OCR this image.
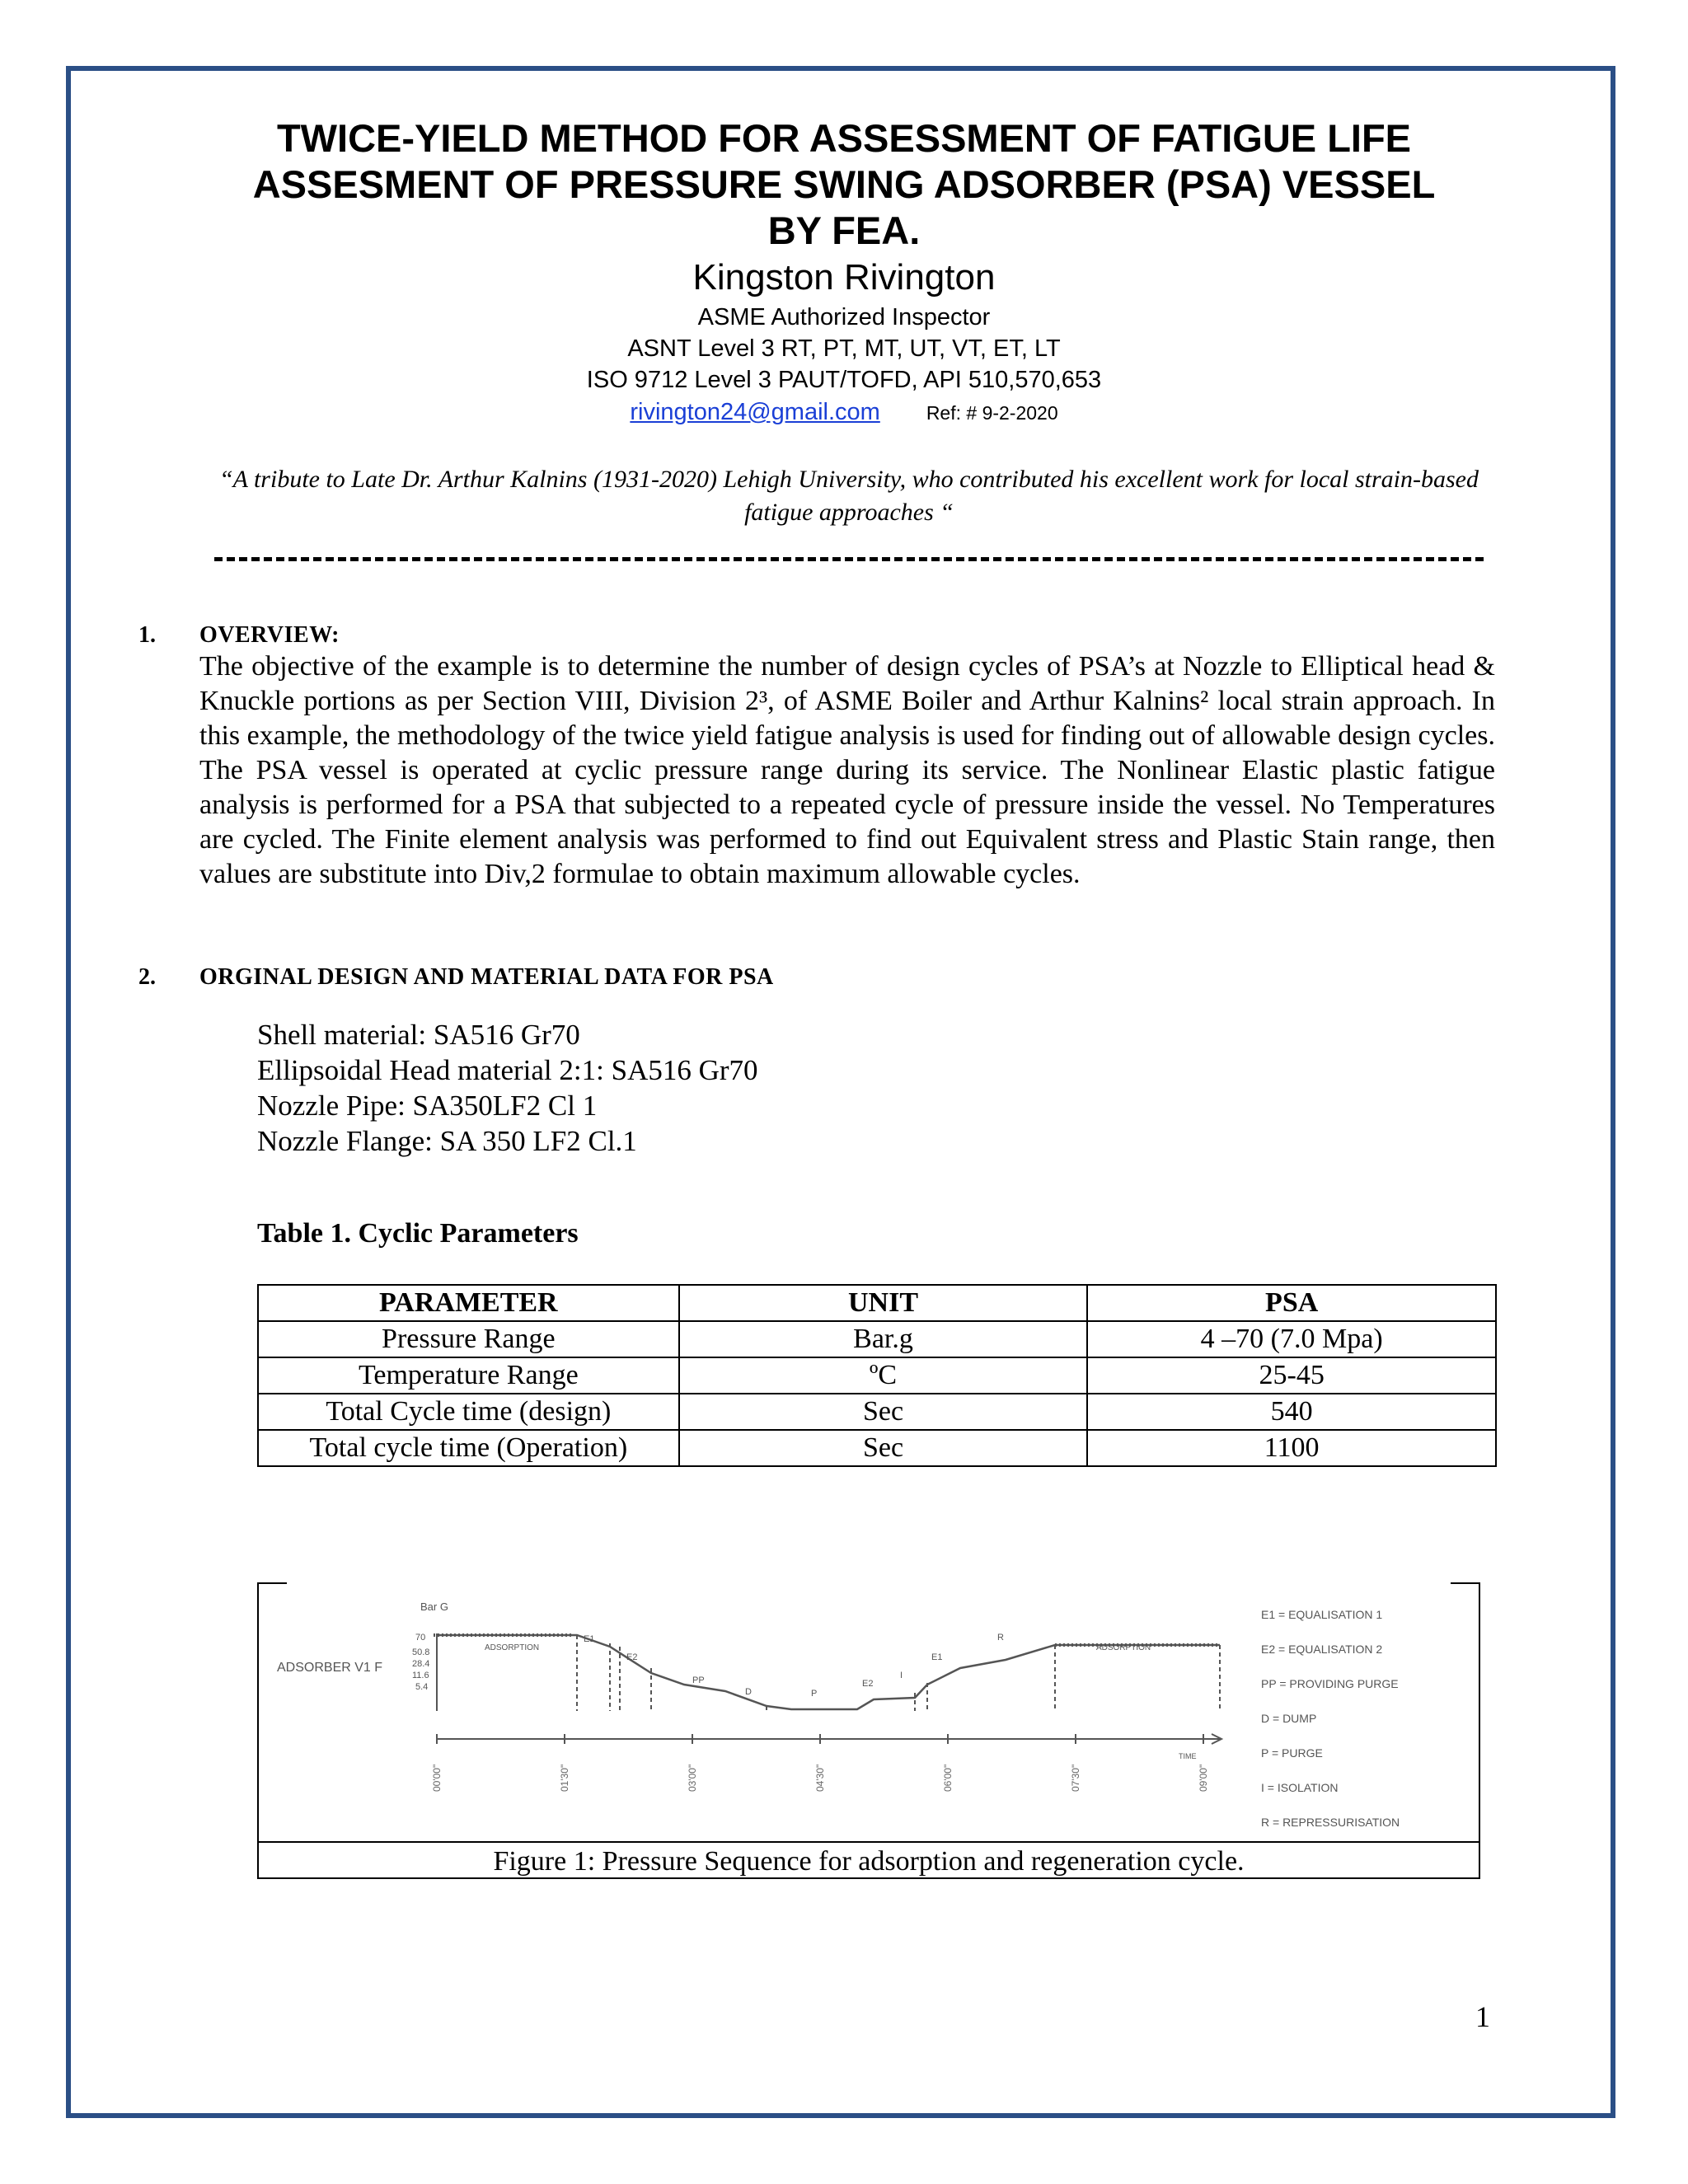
TWICE-YIELD METHOD FOR ASSESSMENT OF FATIGUE LIFE
ASSESMENT OF PRESSURE SWING ADSORBER (PSA) VESSEL
BY FEA.
Kingston Rivington
ASME Authorized Inspector
ASNT Level 3 RT, PT, MT, UT, VT, ET, LT
ISO 9712 Level 3 PAUT/TOFD, API 510,570,653
rivington24@gmail.com Ref: # 9-2-2020
“A tribute to Late Dr. Arthur Kalnins (1931-2020) Lehigh University, who contributed his excellent work for local strain-based fatigue approaches “
1. OVERVIEW:
The objective of the example is to determine the number of design cycles of PSA’s at Nozzle to Elliptical head & Knuckle portions as per Section VIII, Division 2³, of ASME Boiler and Arthur Kalnins² local strain approach. In this example, the methodology of the twice yield fatigue analysis is used for finding out of allowable design cycles. The PSA vessel is operated at cyclic pressure range during its service. The Nonlinear Elastic plastic fatigue analysis is performed for a PSA that subjected to a repeated cycle of pressure inside the vessel. No Temperatures are cycled. The Finite element analysis was performed to find out Equivalent stress and Plastic Stain range, then values are substitute into Div,2 formulae to obtain maximum allowable cycles.
2. ORGINAL DESIGN AND MATERIAL DATA FOR PSA
Shell material: SA516 Gr70
Ellipsoidal Head material 2:1: SA516 Gr70
Nozzle Pipe: SA350LF2 Cl 1
Nozzle Flange: SA 350 LF2 Cl.1
Table 1. Cyclic Parameters
PARAMETER	UNIT	PSA
Pressure Range	Bar.g	4 –70 (7.0 Mpa)
Temperature Range	ºC	25-45
Total Cycle time (design)	Sec	540
Total cycle time (Operation)	Sec	1100
Bar G
70
50.8
28.4
11.6
5.4
ADSORBER V1 F
ADSORPTION
E1
E2
PP
D	P
E2
I
E1
R
ADSORPTION
TIME
00'00"	01'30"	03'00"	04'30"	06'00"	07'30"	09'00"
E1 = EQUALISATION 1
E2 = EQUALISATION 2
PP = PROVIDING PURGE
D = DUMP
P = PURGE
I = ISOLATION
R = REPRESSURISATION
Figure 1: Pressure Sequence for adsorption and regeneration cycle.
1
